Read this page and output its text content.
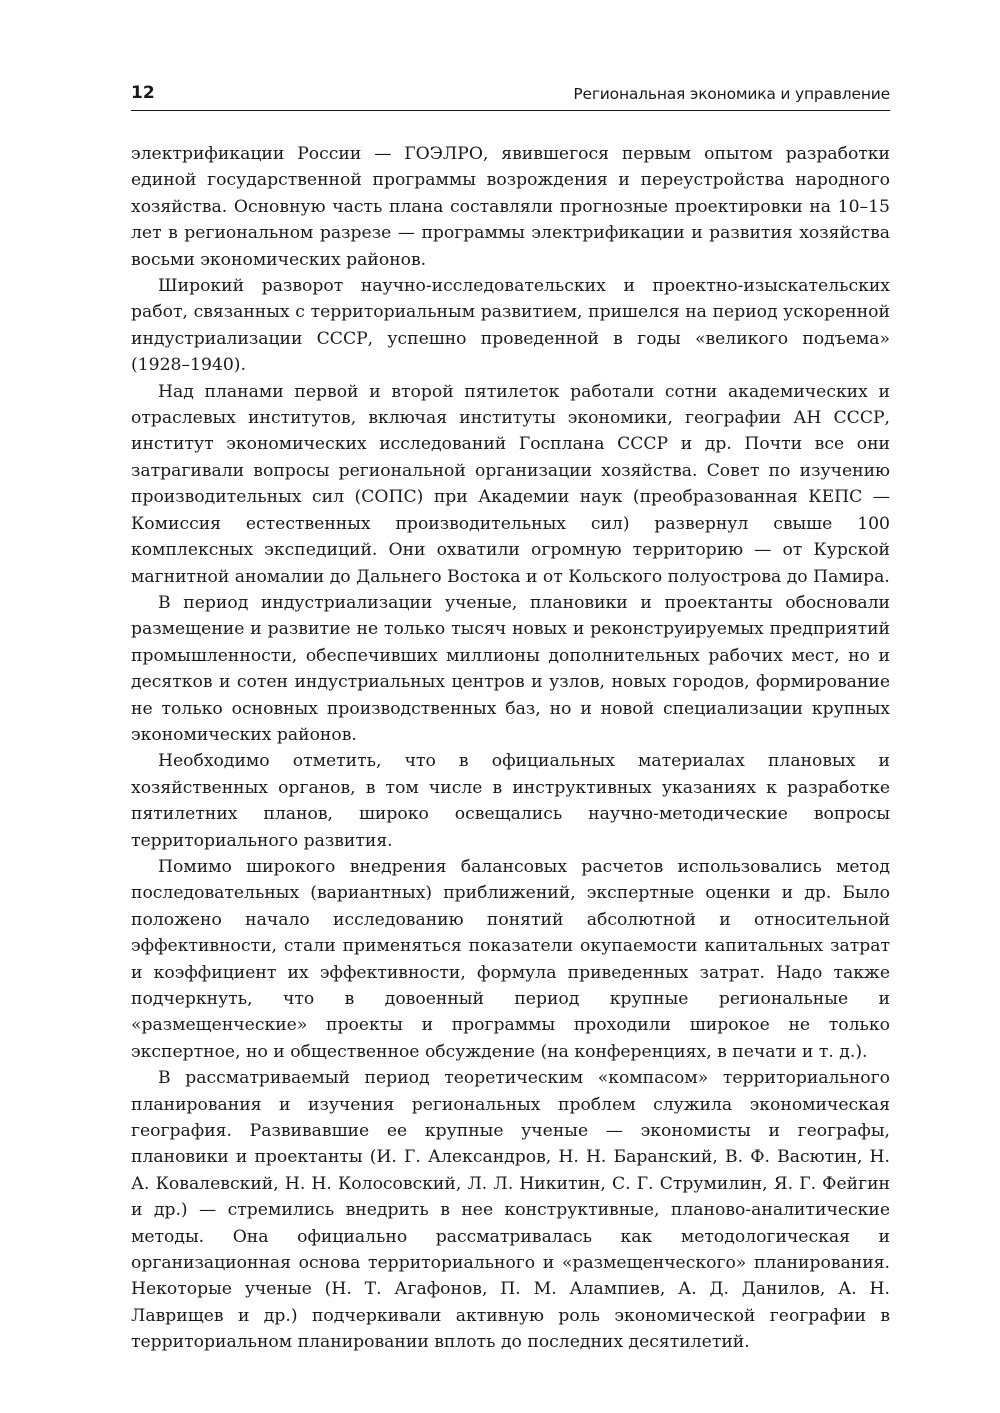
12	Региональная экономика и управление

электрификации России — ГОЭЛРО, явившегося первым опытом разработки единой государственной программы возрождения и переустройства народного хозяйства. Основную часть плана составляли прогнозные проектировки на 10–15 лет в региональном разрезе — программы электрификации и развития хозяйства восьми экономических районов.

Широкий разворот научно-исследовательских и проектно-изыскательских работ, связанных с территориальным развитием, пришелся на период ускоренной индустриализации СССР, успешно проведенной в годы «великого подъема» (1928–1940).

Над планами первой и второй пятилеток работали сотни академических и отраслевых институтов, включая институты экономики, географии АН СССР, институт экономических исследований Госплана СССР и др. Почти все они затрагивали вопросы региональной организации хозяйства. Совет по изучению производительных сил (СОПС) при Академии наук (преобразованная КЕПС — Комиссия естественных производительных сил) развернул свыше 100 комплексных экспедиций. Они охватили огромную территорию — от Курской магнитной аномалии до Дальнего Востока и от Кольского полуострова до Памира.

В период индустриализации ученые, плановики и проектанты обосновали размещение и развитие не только тысяч новых и реконструируемых предприятий промышленности, обеспечивших миллионы дополнительных рабочих мест, но и десятков и сотен индустриальных центров и узлов, новых городов, формирование не только основных производственных баз, но и новой специализации крупных экономических районов.

Необходимо отметить, что в официальных материалах плановых и хозяйственных органов, в том числе в инструктивных указаниях к разработке пятилетних планов, широко освещались научно-методические вопросы территориального развития.

Помимо широкого внедрения балансовых расчетов использовались метод последовательных (вариантных) приближений, экспертные оценки и др. Было положено начало исследованию понятий абсолютной и относительной эффективности, стали применяться показатели окупаемости капитальных затрат и коэффициент их эффективности, формула приведенных затрат. Надо также подчеркнуть, что в довоенный период крупные региональные и «размещенческие» проекты и программы проходили широкое не только экспертное, но и общественное обсуждение (на конференциях, в печати и т. д.).

В рассматриваемый период теоретическим «компасом» территориального планирования и изучения региональных проблем служила экономическая география. Развивавшие ее крупные ученые — экономисты и географы, плановики и проектанты (И. Г. Александров, Н. Н. Баранский, В. Ф. Васютин, Н. А. Ковалевский, Н. Н. Колосовский, Л. Л. Никитин, С. Г. Струмилин, Я. Г. Фейгин и др.) — стремились внедрить в нее конструктивные, планово-аналитические методы. Она официально рассматривалась как методологическая и организационная основа территориального и «размещенческого» планирования. Некоторые ученые (Н. Т. Агафонов, П. М. Алампиев, А. Д. Данилов, А. Н. Лаврищев и др.) подчеркивали активную роль экономической географии в территориальном планировании вплоть до последних десятилетий.
